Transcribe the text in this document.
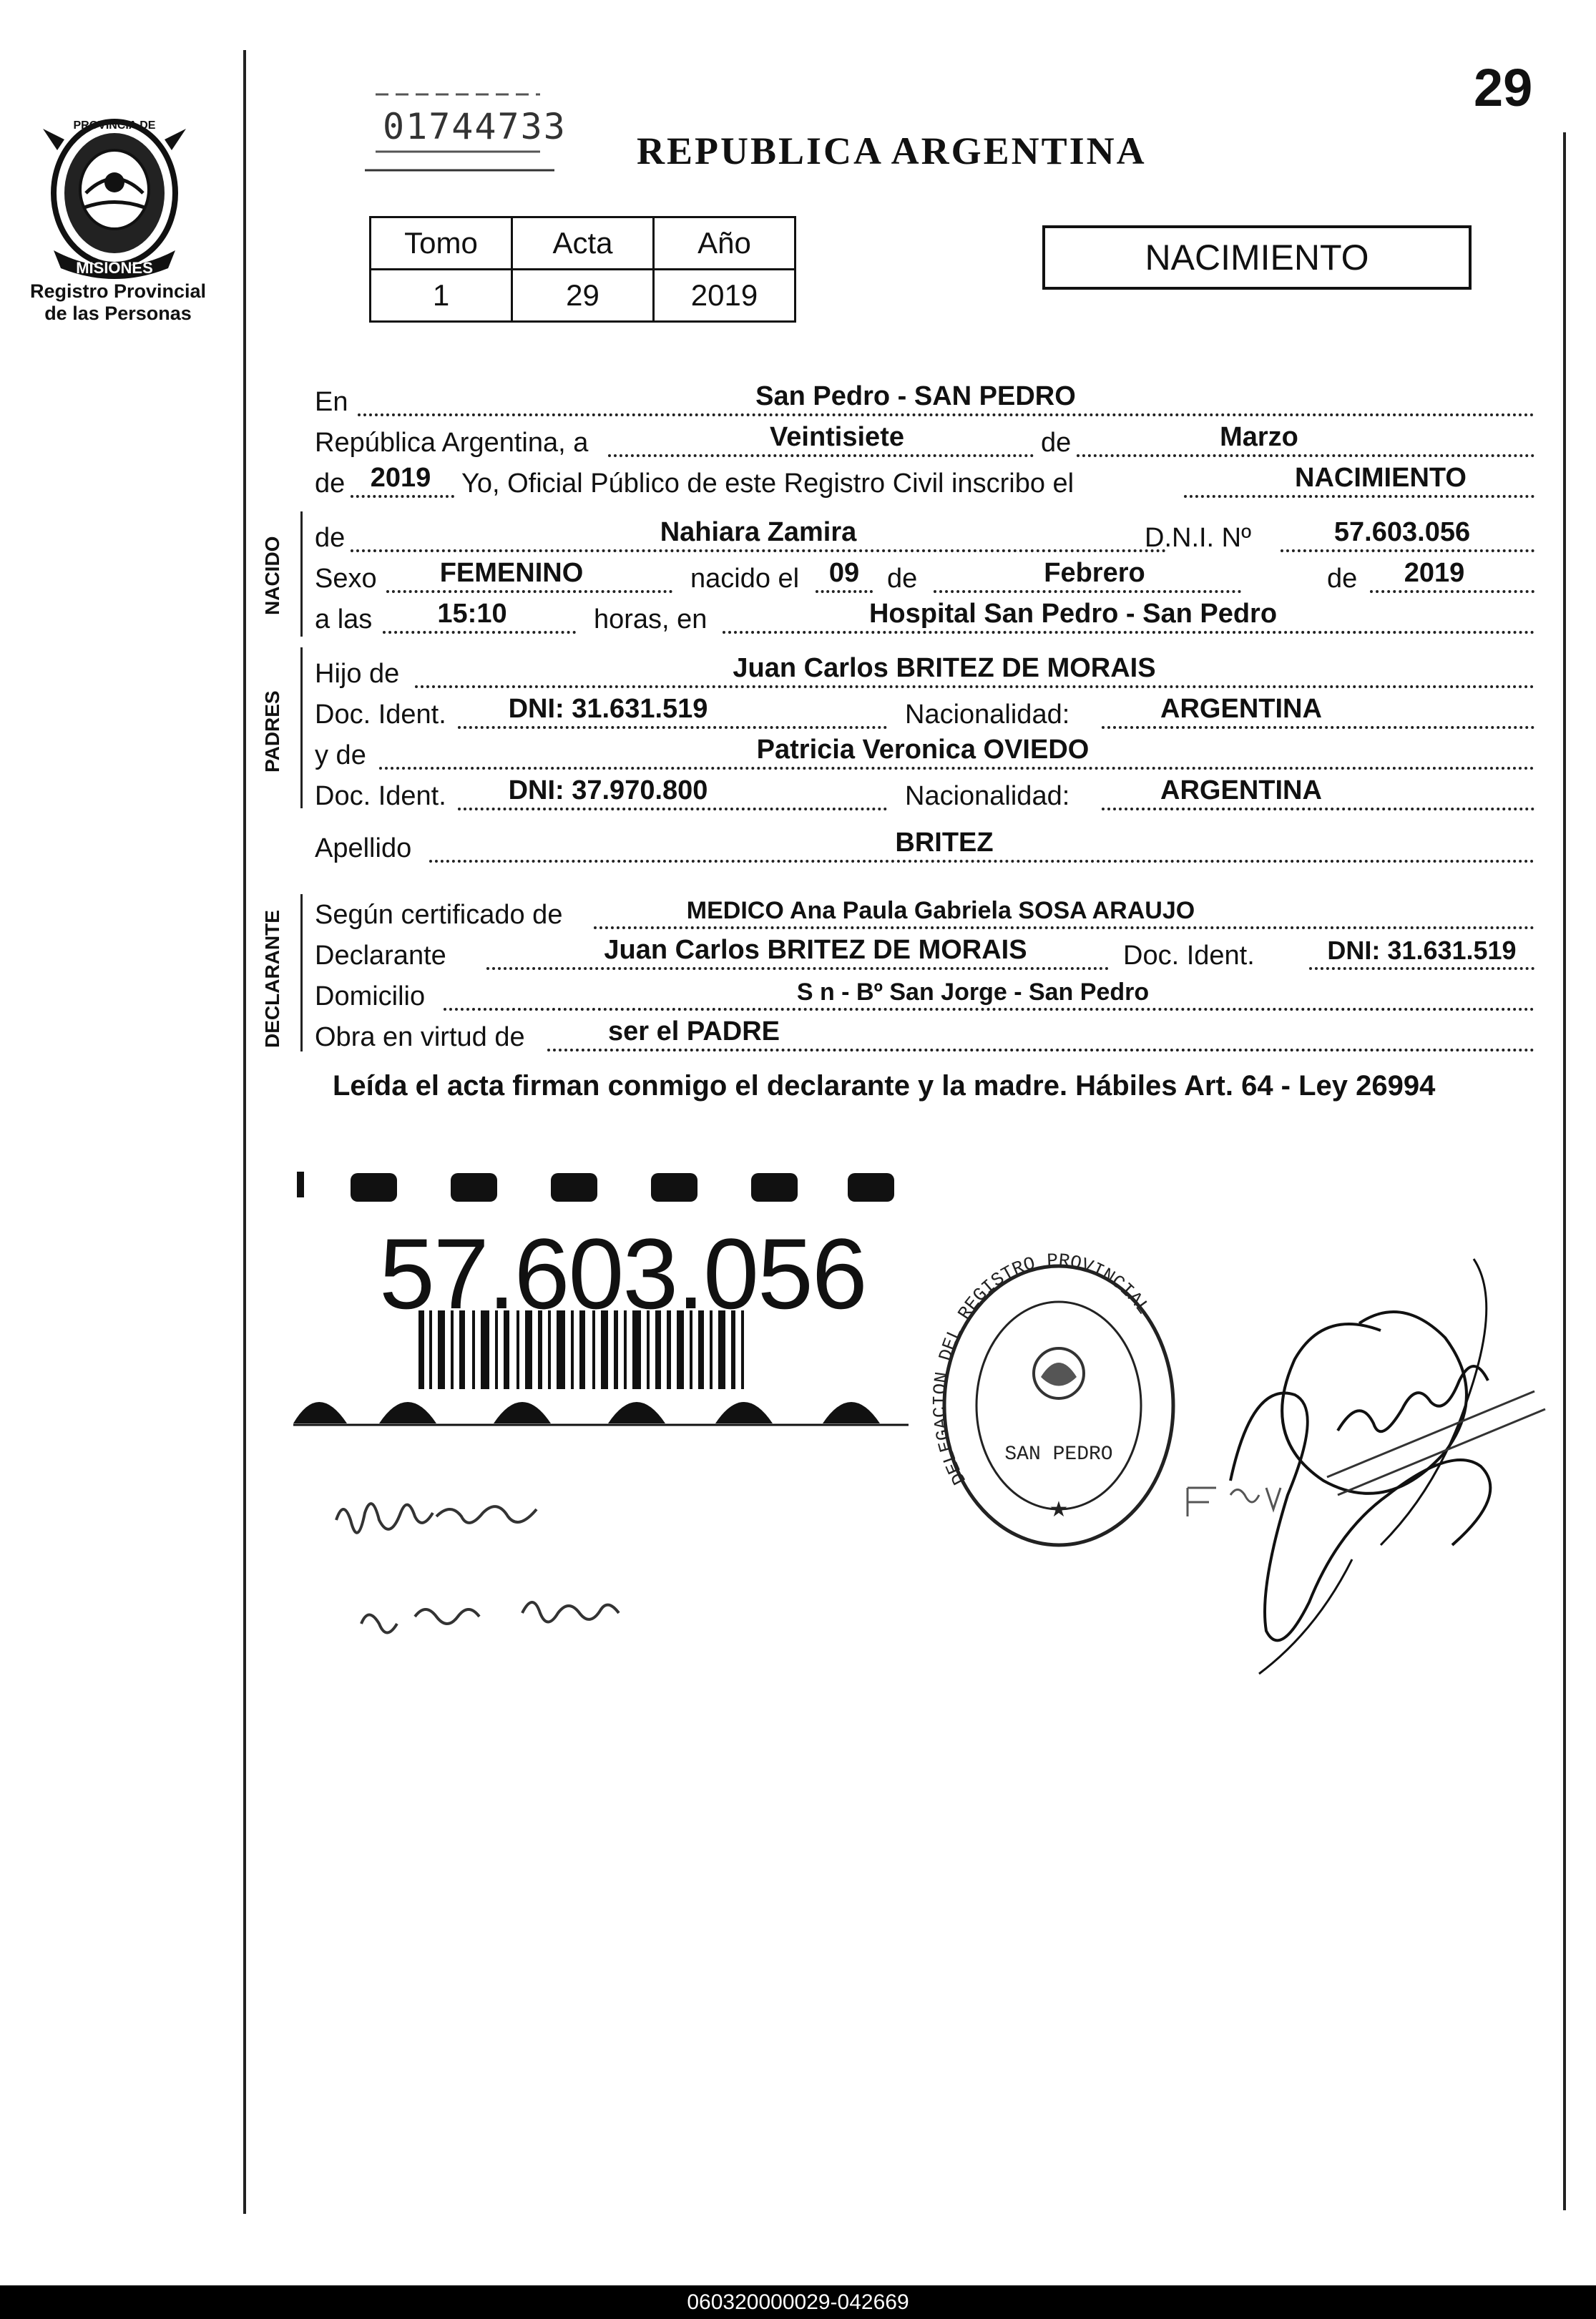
29
01744733
REPUBLICA ARGENTINA
MISIONES
PROVINCIA DE
Registro Provincial
de las Personas
Tomo	Acta	Año
1	29	2019
NACIMIENTO
En	San Pedro - SAN PEDRO
República Argentina, a	Veintisiete	de	Marzo
de 2019	Yo, Oficial Público de este Registro Civil inscribo el	NACIMIENTO
NACIDO de	Nahiara Zamira	D.N.I. Nº	57.603.056
Sexo	FEMENINO	nacido el	09	de	Febrero	de	2019
a las	15:10	horas, en	Hospital San Pedro - San Pedro
PADRES
Hijo de	Juan Carlos BRITEZ DE MORAIS
Doc. Ident.	DNI: 31.631.519	Nacionalidad:	ARGENTINA
y de	Patricia Veronica OVIEDO
Doc. Ident.	DNI: 37.970.800	Nacionalidad:	ARGENTINA
Apellido	BRITEZ
DECLARANTE Según certificado de	MEDICO Ana Paula Gabriela SOSA ARAUJO
Declarante	Juan Carlos BRITEZ DE MORAIS	Doc. Ident.	DNI: 31.631.519
Domicilio	S n - Bº San Jorge - San Pedro
Obra en virtud de	ser el PADRE
Leída el acta firman conmigo el declarante y la madre. Hábiles Art. 64 - Ley 26994
57.603.056
DELEGACION DEL REGISTRO PROVINCIAL
SAN PEDRO
★
060320000029-042669
